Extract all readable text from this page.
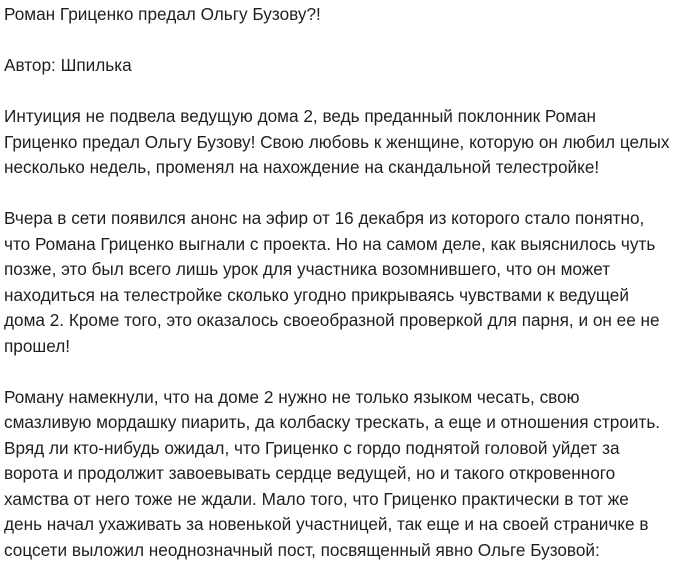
Роман Гриценко предал Ольгу Бузову?!
Автор: Шпилька
Интуиция не подвела ведущую дома 2, ведь преданный поклонник Роман
Гриценко предал Ольгу Бузову! Свою любовь к женщине, которую он любил целых
несколько недель, променял на нахождение на скандальной телестройке!
Вчера в сети появился анонс на эфир от 16 декабря из которого стало понятно,
что Романа Гриценко выгнали с проекта. Но на самом деле, как выяснилось чуть
позже, это был всего лишь урок для участника возомнившего, что он может
находиться на телестройке сколько угодно прикрываясь чувствами к ведущей
дома 2. Кроме того, это оказалось своеобразной проверкой для парня, и он ее не
прошел!
Роману намекнули, что на доме 2 нужно не только языком чесать, свою
смазливую мордашку пиарить, да колбаску трескать, а еще и отношения строить.
Вряд ли кто-нибудь ожидал, что Гриценко с гордо поднятой головой уйдет за
ворота и продолжит завоевывать сердце ведущей, но и такого откровенного
хамства от него тоже не ждали. Мало того, что Гриценко практически в тот же
день начал ухаживать за новенькой участницей, так еще и на своей страничке в
соцсети выложил неоднозначный пост, посвященный явно Ольге Бузовой:
